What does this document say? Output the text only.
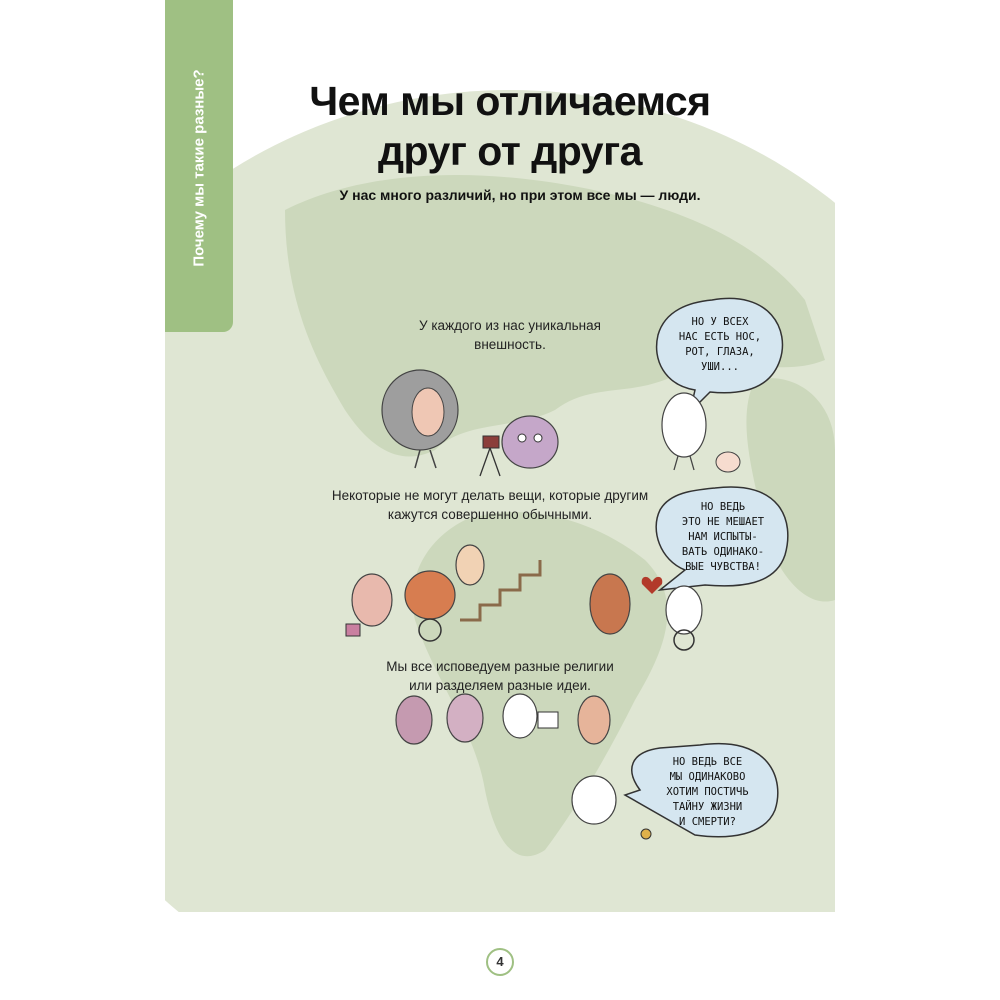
Почему мы такие разные?	Чем мы отличаемся
друг от друга
У нас много различий, но при этом все мы — люди.
У каждого из нас уникальная
внешность.
Некоторые не могут делать вещи, которые другим
кажутся совершенно обычными.
Мы все исповедуем разные религии
или разделяем разные идеи.
НО У ВСЕХ
НАС ЕСТЬ НОС,
РОТ, ГЛАЗА,
УШИ...
НО ВЕДЬ
ЭТО НЕ МЕШАЕТ
НАМ ИСПЫТЫ-
ВАТЬ ОДИНАКО-
ВЫЕ ЧУВСТВА!
НО ВЕДЬ ВСЕ
МЫ ОДИНАКОВО
ХОТИМ ПОСТИЧЬ
ТАЙНУ ЖИЗНИ
И СМЕРТИ?
4
